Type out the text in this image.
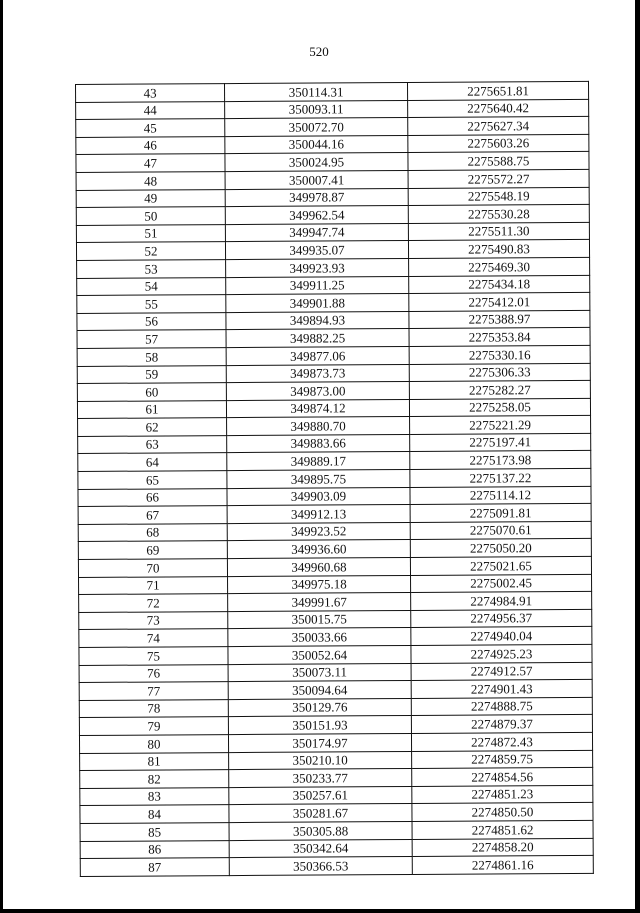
520
43	350114.31	2275651.81
44	350093.11	2275640.42
45	350072.70	2275627.34
46	350044.16	2275603.26
47	350024.95	2275588.75
48	350007.41	2275572.27
49	349978.87	2275548.19
50	349962.54	2275530.28
51	349947.74	2275511.30
52	349935.07	2275490.83
53	349923.93	2275469.30
54	349911.25	2275434.18
55	349901.88	2275412.01
56	349894.93	2275388.97
57	349882.25	2275353.84
58	349877.06	2275330.16
59	349873.73	2275306.33
60	349873.00	2275282.27
61	349874.12	2275258.05
62	349880.70	2275221.29
63	349883.66	2275197.41
64	349889.17	2275173.98
65	349895.75	2275137.22
66	349903.09	2275114.12
67	349912.13	2275091.81
68	349923.52	2275070.61
69	349936.60	2275050.20
70	349960.68	2275021.65
71	349975.18	2275002.45
72	349991.67	2274984.91
73	350015.75	2274956.37
74	350033.66	2274940.04
75	350052.64	2274925.23
76	350073.11	2274912.57
77	350094.64	2274901.43
78	350129.76	2274888.75
79	350151.93	2274879.37
80	350174.97	2274872.43
81	350210.10	2274859.75
82	350233.77	2274854.56
83	350257.61	2274851.23
84	350281.67	2274850.50
85	350305.88	2274851.62
86	350342.64	2274858.20
87	350366.53	2274861.16
